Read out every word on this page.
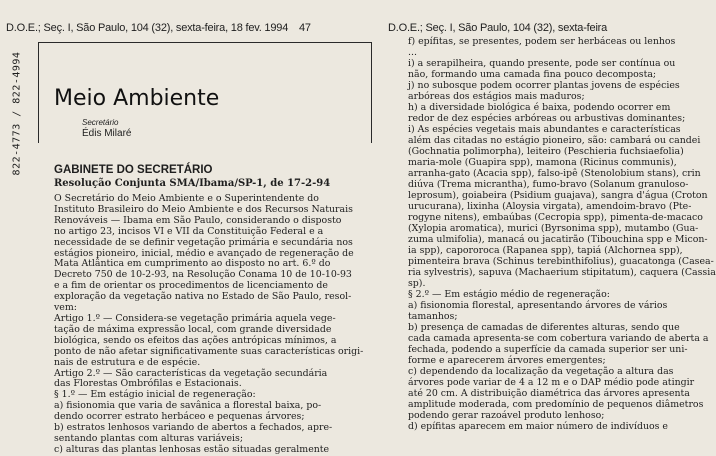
D.O.E.; Seç. I, São Paulo, 104 (32), sexta-feira, 18 fev. 1994 47	D.O.E.; Seç. I, São Paulo, 104 (32), sexta-feira
822-4773 / 822-4994 Meio Ambiente
Secretário
Édis Milaré
GABINETE DO SECRETÁRIO
Resolução Conjunta SMA/Ibama/SP-1, de 17-2-94

O Secretário do Meio Ambiente e o Superintendente do

Instituto Brasileiro do Meio Ambiente e dos Recursos Naturais

Renováveis — Ibama em São Paulo, considerando o disposto

no artigo 23, incisos VI e VII da Constituição Federal e a

necessidade de se definir vegetação primária e secundária nos

estágios pioneiro, inicial, médio e avançado de regeneração de

Mata Atlântica em cumprimento ao disposto no art. 6.º do

Decreto 750 de 10-2-93, na Resolução Conama 10 de 10-10-93

e a fim de orientar os procedimentos de licenciamento de

exploração da vegetação nativa no Estado de São Paulo, resol-

vem:

Artigo 1.º — Considera-se vegetação primária aquela vege-

tação de máxima expressão local, com grande diversidade

biológica, sendo os efeitos das ações antrópicas mínimos, a

ponto de não afetar significativamente suas características origi-

nais de estrutura e de espécie.

Artigo 2.º — São características da vegetação secundária

das Florestas Ombrófilas e Estacionais.

§ 1.º — Em estágio inicial de regeneração:

a) fisionomia que varia de savânica a florestal baixa, po-

dendo ocorrer estrato herbáceo e pequenas árvores;

b) estratos lenhosos variando de abertos a fechados, apre-

sentando plantas com alturas variáveis;

c) alturas das plantas lenhosas estão situadas geralmente

f) epífitas, se presentes, podem ser herbáceas ou lenhos

...

i) a serapilheira, quando presente, pode ser contínua ou

não, formando uma camada fina pouco decomposta;

j) no subosque podem ocorrer plantas jovens de espécies

arbóreas dos estágios mais maduros;

h) a diversidade biológica é baixa, podendo ocorrer em

redor de dez espécies arbóreas ou arbustivas dominantes;

i) As espécies vegetais mais abundantes e características

além das citadas no estágio pioneiro, são: cambará ou candei

(Gochnatia polimorpha), leiteiro (Peschieria fuchsiaefolia)

maria-mole (Guapira spp), mamona (Ricinus communis),

arranha-gato (Acacia spp), falso-ipê (Stenolobium stans), crin

diúva (Trema micrantha), fumo-bravo (Solanum granuloso-

leprosum), goiabeira (Psidium guajava), sangra d'água (Croton

urucurana), lixinha (Aloysia virgata), amendoim-bravo (Pte-

rogyne nitens), embaúbas (Cecropia spp), pimenta-de-macaco

(Xylopia aromatica), murici (Byrsonima spp), mutambo (Gua-

zuma ulmifolia), manacá ou jacatirão (Tibouchina spp e Micon-

ia spp), capororoca (Rapanea spp), tapiá (Alchornea spp),

pimenteira brava (Schinus terebinthifolius), guacatonga (Casea-

ria sylvestris), sapuva (Machaerium stipitatum), caquera (Cassia

sp).

§ 2.º — Em estágio médio de regeneração:

a) fisionomia florestal, apresentando árvores de vários

tamanhos;

b) presença de camadas de diferentes alturas, sendo que

cada camada apresenta-se com cobertura variando de aberta a

fechada, podendo a superfície da camada superior ser uni-

forme e aparecerem árvores emergentes;

c) dependendo da localização da vegetação a altura das

árvores pode variar de 4 a 12 m e o DAP médio pode atingir

até 20 cm. A distribuição diamétrica das árvores apresenta

amplitude moderada, com predomínio de pequenos diâmetros

podendo gerar razoável produto lenhoso;

d) epífitas aparecem em maior número de indivíduos e
